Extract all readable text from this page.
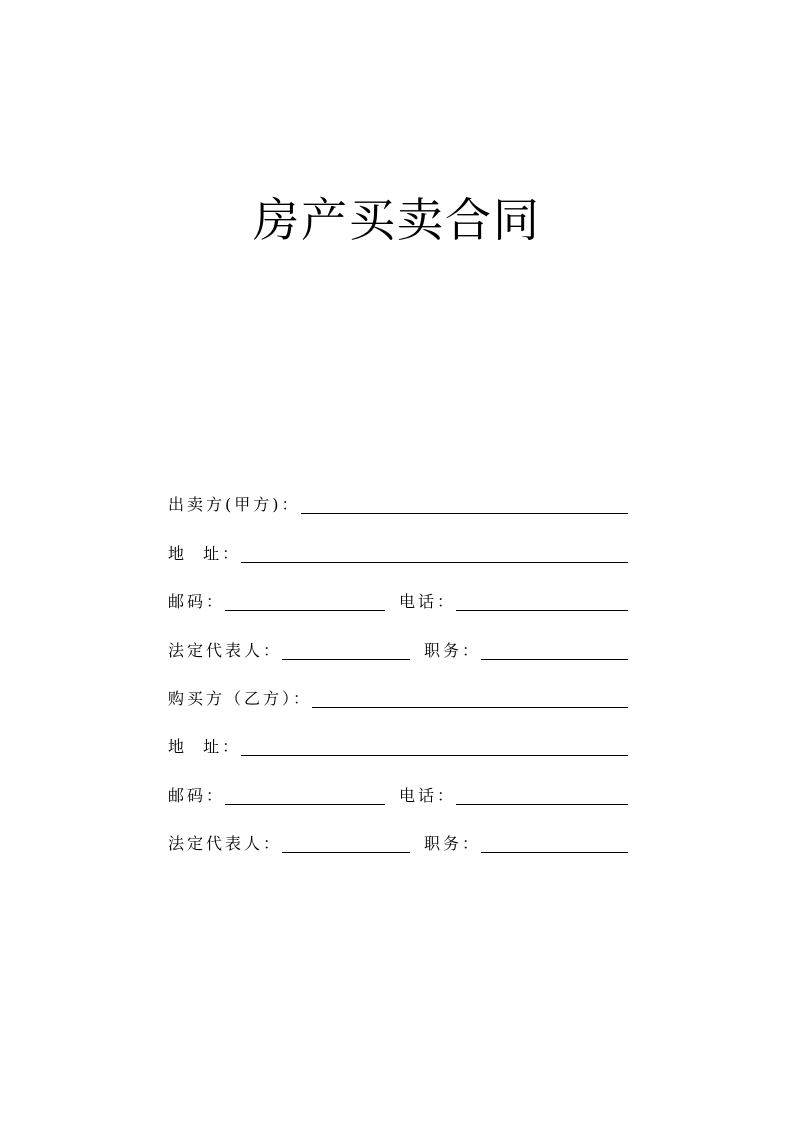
房产买卖合同
出卖方(甲方)：
地  址：
邮码：	电话：
法定代表人：	职务：
购买方（乙方）：
地  址：
邮码：	电话：
法定代表人：	职务：
